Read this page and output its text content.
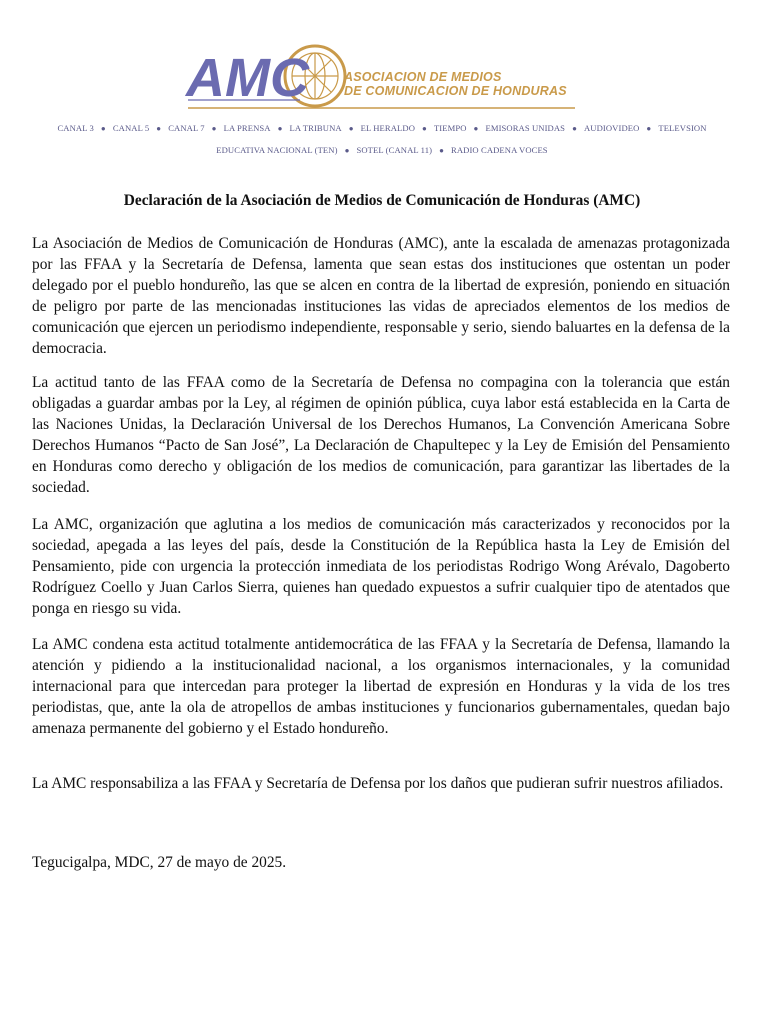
AMC	ASOCIACION DE MEDIOS
DE COMUNICACION DE HONDURAS
CANAL 3 ● CANAL 5 ● CANAL 7 ● LA PRENSA ● LA TRIBUNA ● EL HERALDO ● TIEMPO ● EMISORAS UNIDAS ● AUDIOVIDEO ● TELEVSION
EDUCATIVA NACIONAL (TEN) ● SOTEL (CANAL 11) ● RADIO CADENA VOCES
Declaración de la Asociación de Medios de Comunicación de Honduras (AMC)

La Asociación de Medios de Comunicación de Honduras (AMC), ante la escalada de amenazas protagonizada por las FFAA y la Secretaría de Defensa, lamenta que sean estas dos instituciones que ostentan un poder delegado por el pueblo hondureño, las que se alcen en contra de la libertad de expresión, poniendo en situación de peligro por parte de las mencionadas instituciones las vidas de apreciados elementos de los medios de comunicación que ejercen un periodismo independiente, responsable y serio, siendo baluartes en la defensa de la democracia.

La actitud tanto de las FFAA como de la Secretaría de Defensa no compagina con la tolerancia que están obligadas a guardar ambas por la Ley, al régimen de opinión pública, cuya labor está establecida en la Carta de las Naciones Unidas, la Declaración Universal de los Derechos Humanos, La Convención Americana Sobre Derechos Humanos “Pacto de San José”, La Declaración de Chapultepec y la Ley de Emisión del Pensamiento en Honduras como derecho y obligación de los medios de comunicación, para garantizar las libertades de la sociedad.

La AMC, organización que aglutina a los medios de comunicación más caracterizados y reconocidos por la sociedad, apegada a las leyes del país, desde la Constitución de la República hasta la Ley de Emisión del Pensamiento, pide con urgencia la protección inmediata de los periodistas Rodrigo Wong Arévalo, Dagoberto Rodríguez Coello y Juan Carlos Sierra, quienes han quedado expuestos a sufrir cualquier tipo de atentados que ponga en riesgo su vida.

La AMC condena esta actitud totalmente antidemocrática de las FFAA y la Secretaría de Defensa, llamando la atención y pidiendo a la institucionalidad nacional, a los organismos internacionales, y la comunidad internacional para que intercedan para proteger la libertad de expresión en Honduras y la vida de los tres periodistas, que, ante la ola de atropellos de ambas instituciones y funcionarios gubernamentales, quedan bajo amenaza permanente del gobierno y el Estado hondureño.

La AMC responsabiliza a las FFAA y Secretaría de Defensa por los daños que pudieran sufrir nuestros afiliados.

Tegucigalpa, MDC, 27 de mayo de 2025.
